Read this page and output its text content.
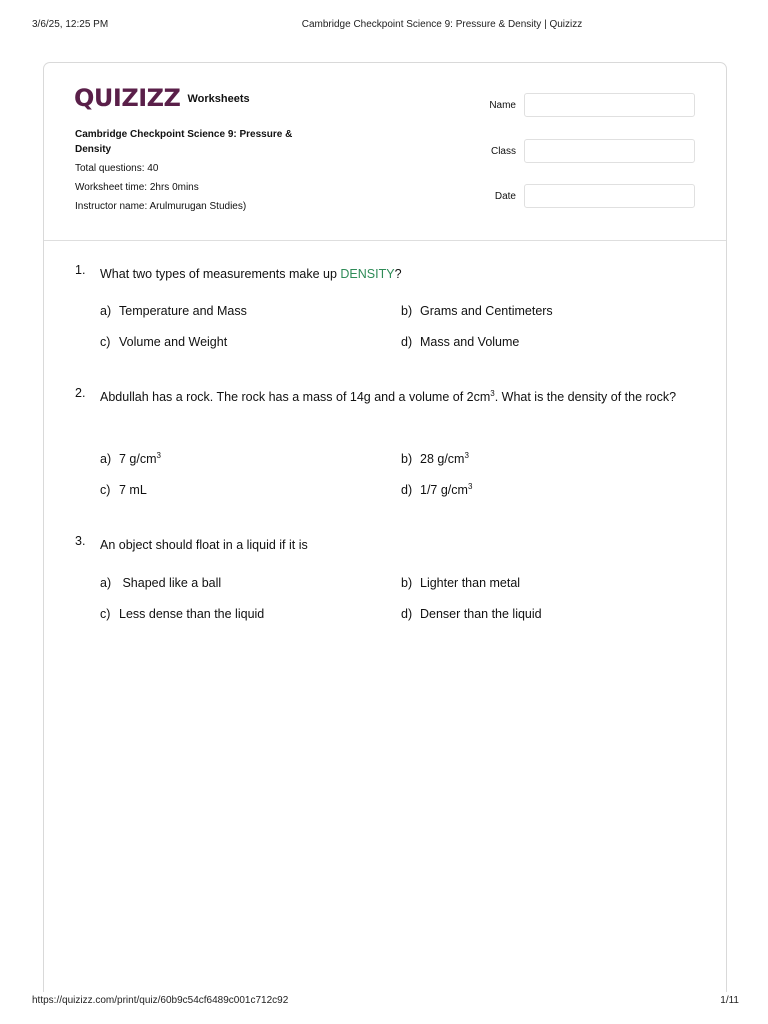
3/6/25, 12:25 PM	Cambridge Checkpoint Science 9: Pressure & Density | Quizizz
QUIZIZZ Worksheets
Cambridge Checkpoint Science 9: Pressure & Density
Total questions: 40
Worksheet time: 2hrs 0mins
Instructor name: Arulmurugan Studies)
Name
Class
Date
1. What two types of measurements make up DENSITY?
a) Temperature and Mass	b) Grams and Centimeters
c) Volume and Weight	d) Mass and Volume
2. Abdullah has a rock. The rock has a mass of 14g and a volume of $2cm^3$. What is the density of the rock?
a) 7 $g/cm^3$	b) 28 $g/cm^3$
c) 7 mL	d) 1/7 $g/cm^3$
3. An object should float in a liquid if it is
a) Shaped like a ball	b) Lighter than metal
c) Less dense than the liquid	d) Denser than the liquid
https://quizizz.com/print/quiz/60b9c54cf6489c001c712c92	1/11
